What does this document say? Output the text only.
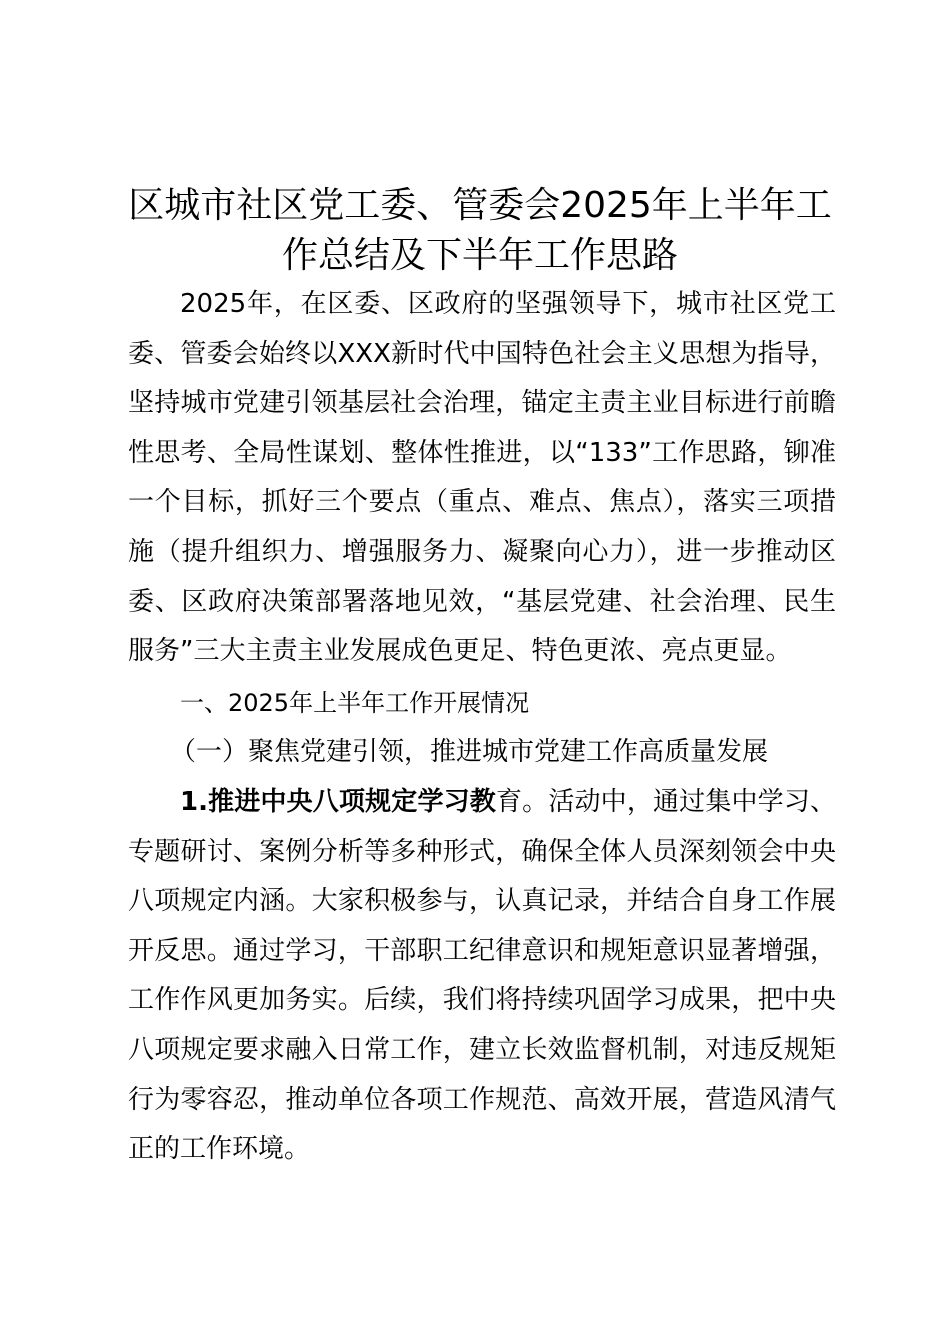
区城市社区党工委、管委会2025年上半年工
作总结及下半年工作思路

2025年，在区委、区政府的坚强领导下，城市社区党工委、管委会始终以XXX新时代中国特色社会主义思想为指导，坚持城市党建引领基层社会治理，锚定主责主业目标进行前瞻性思考、全局性谋划、整体性推进，以“133”工作思路，铆准一个目标，抓好三个要点（重点、难点、焦点），落实三项措施（提升组织力、增强服务力、凝聚向心力），进一步推动区委、区政府决策部署落地见效，“基层党建、社会治理、民生服务”三大主责主业发展成色更足、特色更浓、亮点更显。

一、2025年上半年工作开展情况
（一）聚焦党建引领，推进城市党建工作高质量发展

1.推进中央八项规定学习教育。活动中，通过集中学习、专题研讨、案例分析等多种形式，确保全体人员深刻领会中央八项规定内涵。大家积极参与，认真记录，并结合自身工作展开反思。通过学习，干部职工纪律意识和规矩意识显著增强，工作作风更加务实。后续，我们将持续巩固学习成果，把中央八项规定要求融入日常工作，建立长效监督机制，对违反规矩行为零容忍，推动单位各项工作规范、高效开展，营造风清气正的工作环境。
